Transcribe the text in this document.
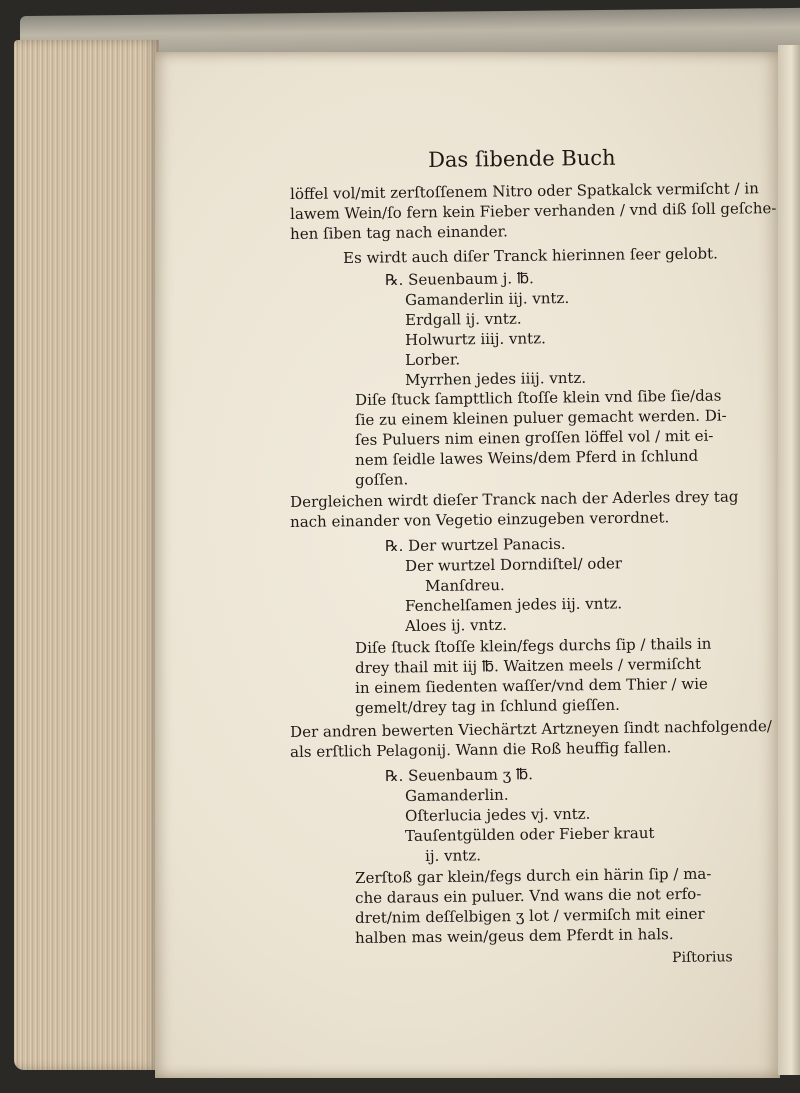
Das ſibende Buch
löffel vol/mit zerſtoſſenem Nitro oder Spatkalck vermiſcht / in
lawem Wein/ſo fern kein Fieber verhanden / vnd diß ſoll geſche-
hen ſiben tag nach einander.
Es wirdt auch diſer Tranck hierinnen ſeer gelobt.
℞. Seuenbaum j. ℔.
Gamanderlin iij. vntz.
Erdgall ij. vntz.
Holwurtz iiij. vntz.
Lorber.
Myrrhen jedes iiij. vntz.
Diſe ſtuck ſampttlich ſtoſſe klein vnd ſibe ſie/das
ſie zu einem kleinen puluer gemacht werden. Di-
ſes Puluers nim einen groſſen löffel vol / mit ei-
nem ſeidle lawes Weins/dem Pferd in ſchlund
goſſen.
Dergleichen wirdt dieſer Tranck nach der Aderles drey tag
nach einander von Vegetio einzugeben verordnet.
℞. Der wurtzel Panacis.
Der wurtzel Dorndiſtel/ oder
Manſdreu.
Fenchelſamen jedes iij. vntz.
Aloes ij. vntz.
Diſe ſtuck ſtoſſe klein/fegs durchs ſip / thails in
drey thail mit iij ℔. Waitzen meels / vermiſcht
in einem ſiedenten waſſer/vnd dem Thier / wie
gemelt/drey tag in ſchlund gieſſen.
Der andren bewerten Viechärtzt Artzneyen ſindt nachfolgende/
als erſtlich Pelagonij. Wann die Roß heuffig fallen.
℞. Seuenbaum ʒ ℔.
Gamanderlin.
Oſterlucia jedes vj. vntz.
Tauſentgülden oder Fieber kraut
ij. vntz.
Zerſtoß gar klein/fegs durch ein härin ſip / ma-
che daraus ein puluer. Vnd wans die not erfo-
dret/nim deſſelbigen ʒ lot / vermiſch mit einer
halben mas wein/geus dem Pferdt in hals.
Piſtorius
